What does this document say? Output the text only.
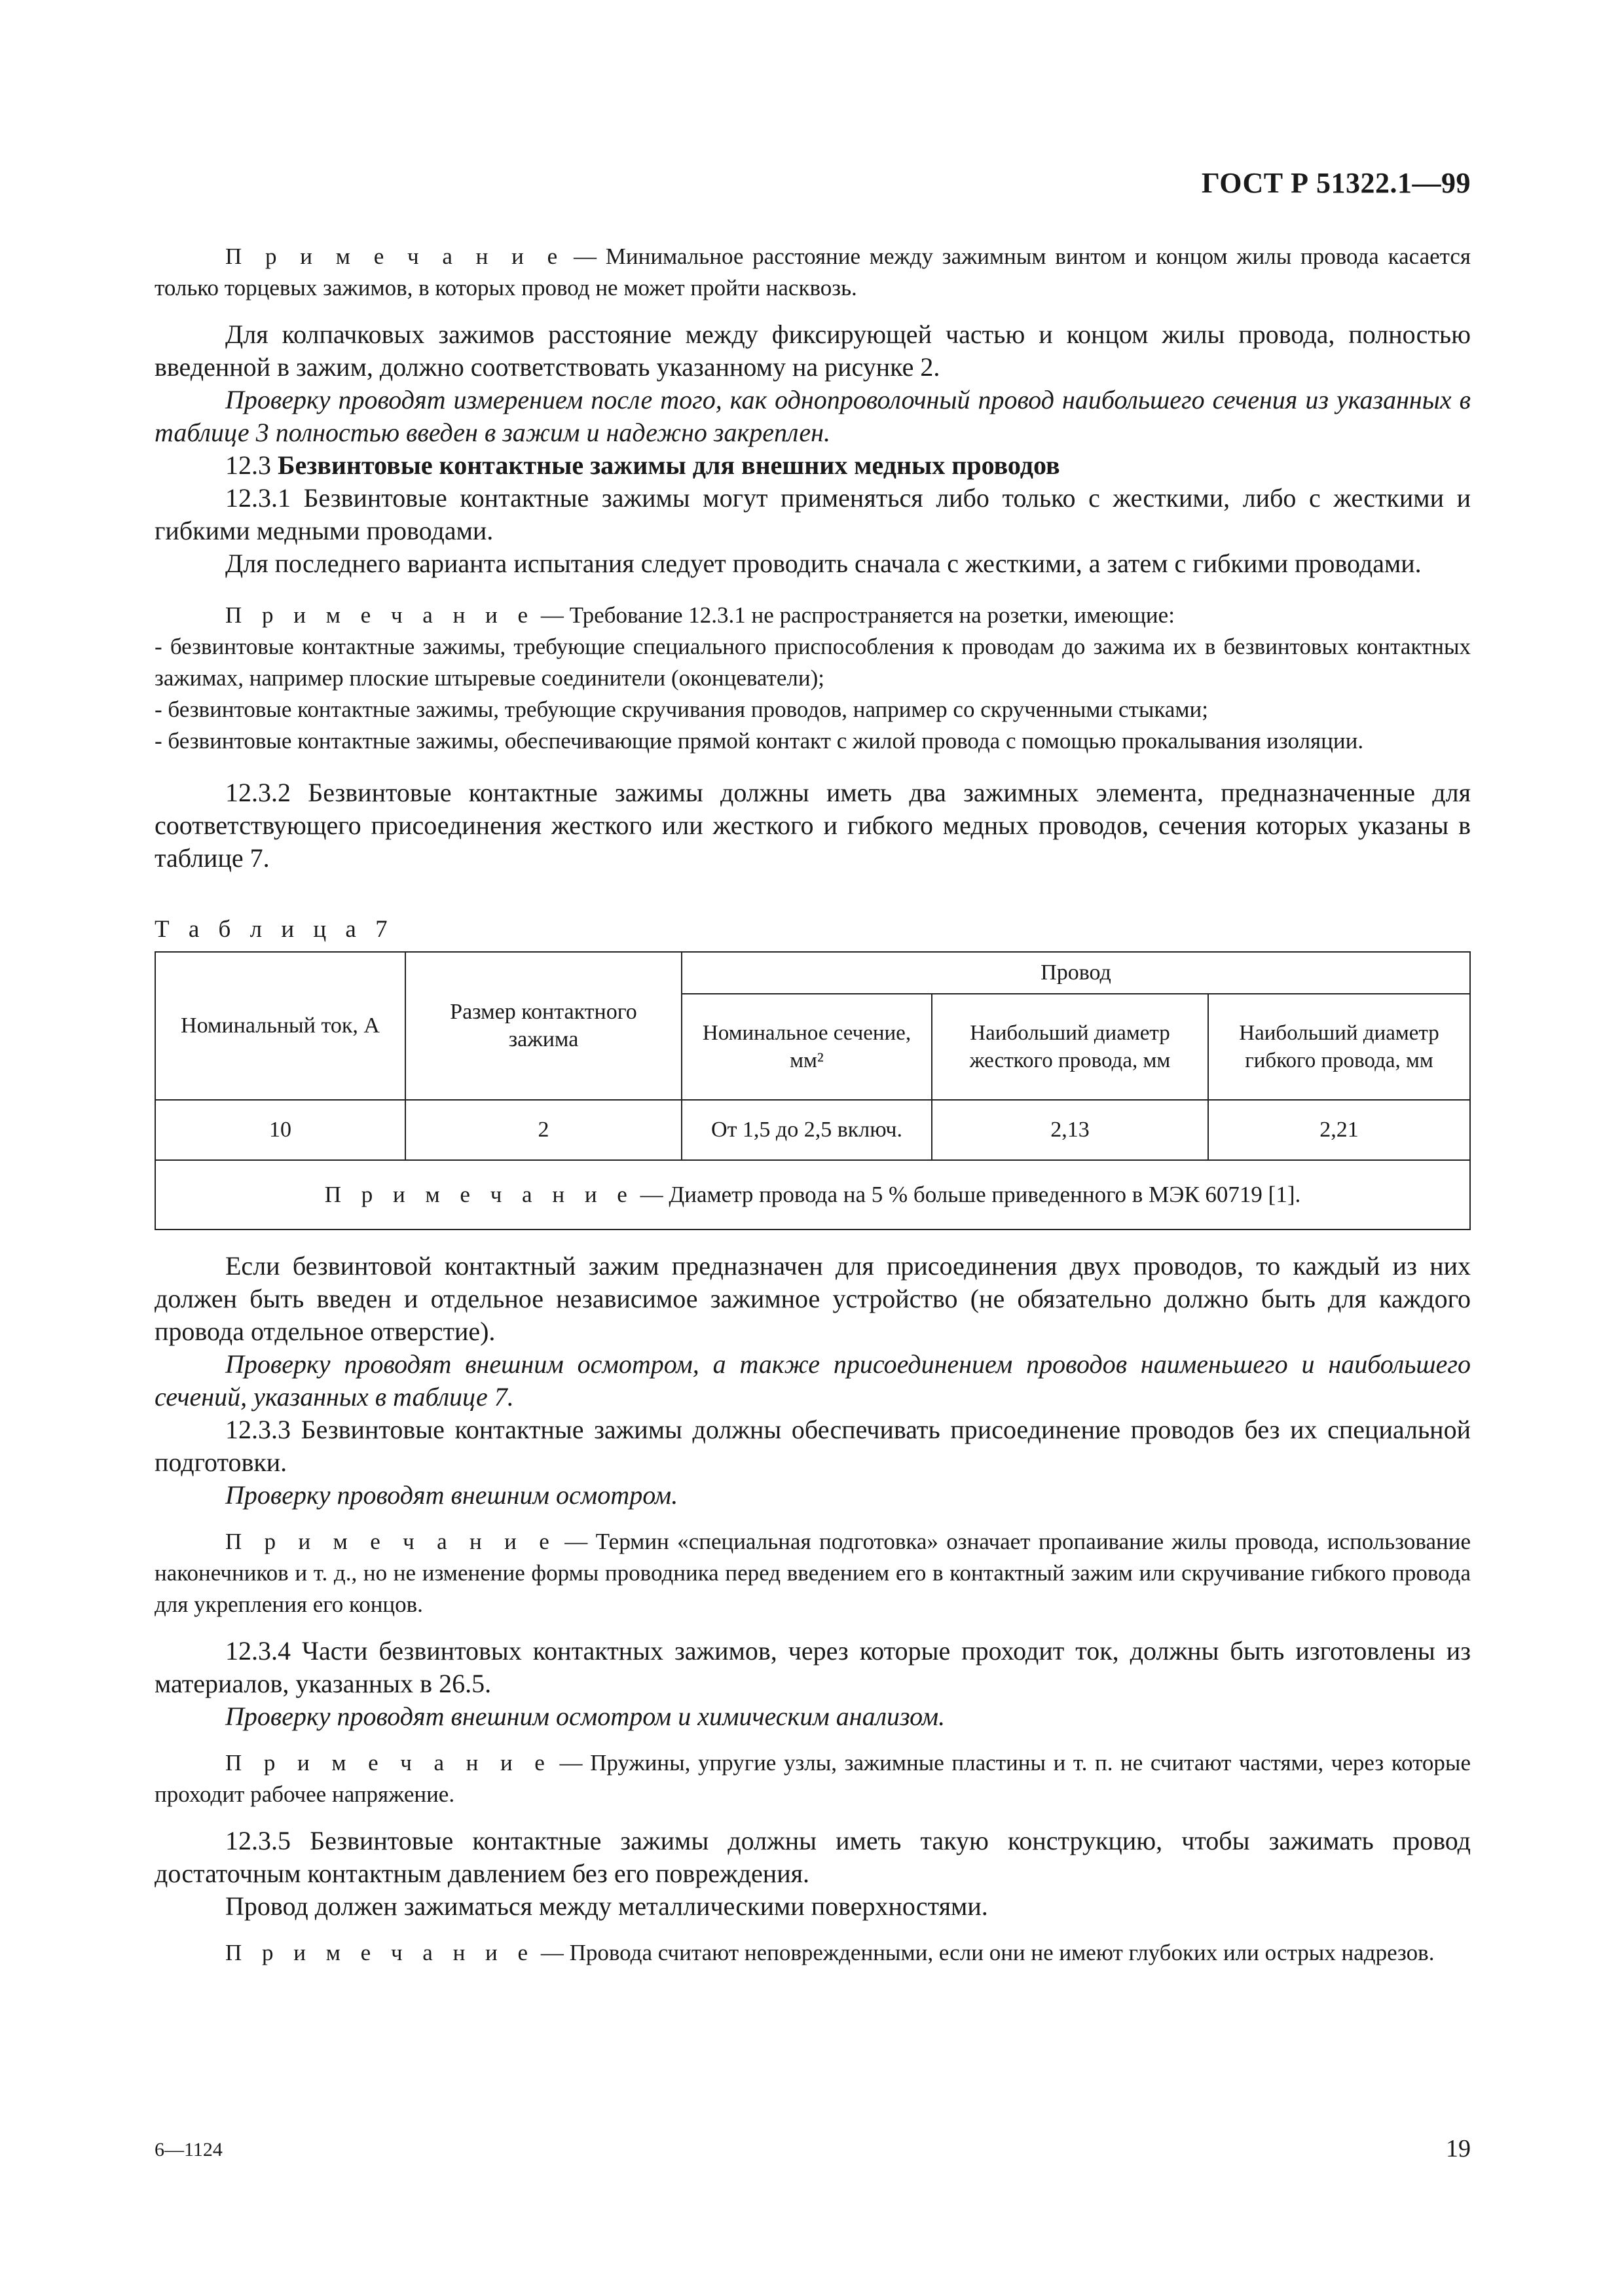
ГОСТ Р 51322.1—99

П р и м е ч а н и е — Минимальное расстояние между зажимным винтом и концом жилы провода касается только торцевых зажимов, в которых провод не может пройти насквозь.

Для колпачковых зажимов расстояние между фиксирующей частью и концом жилы провода, полностью введенной в зажим, должно соответствовать указанному на рисунке 2.

Проверку проводят измерением после того, как однопроволочный провод наибольшего сечения из указанных в таблице 3 полностью введен в зажим и надежно закреплен.

12.3 Безвинтовые контактные зажимы для внешних медных проводов

12.3.1 Безвинтовые контактные зажимы могут применяться либо только с жесткими, либо с жесткими и гибкими медными проводами.

Для последнего варианта испытания следует проводить сначала с жесткими, а затем с гибкими проводами.

П р и м е ч а н и е — Требование 12.3.1 не распространяется на розетки, имеющие:

- безвинтовые контактные зажимы, требующие специального приспособления к проводам до зажима их в безвинтовых контактных зажимах, например плоские штыревые соединители (оконцеватели);

- безвинтовые контактные зажимы, требующие скручивания проводов, например со скрученными стыками;

- безвинтовые контактные зажимы, обеспечивающие прямой контакт с жилой провода с помощью прокалывания изоляции.

12.3.2 Безвинтовые контактные зажимы должны иметь два зажимных элемента, предназначенные для соответствующего присоединения жесткого или жесткого и гибкого медных проводов, сечения которых указаны в таблице 7.

Т а б л и ц а 7

Номинальный ток, А	Размер контактного зажима	Провод		
		Номинальное сечение, мм²	Наибольший диаметр жесткого провода, мм	Наибольший диаметр гибкого провода, мм
10	2	От 1,5 до 2,5 включ.	2,13	2,21
П р и м е ч а н и е — Диаметр провода на 5 % больше приведенного в МЭК 60719 [1].				

Если безвинтовой контактный зажим предназначен для присоединения двух проводов, то каждый из них должен быть введен и отдельное независимое зажимное устройство (не обязательно должно быть для каждого провода отдельное отверстие).

Проверку проводят внешним осмотром, а также присоединением проводов наименьшего и наибольшего сечений, указанных в таблице 7.

12.3.3 Безвинтовые контактные зажимы должны обеспечивать присоединение проводов без их специальной подготовки.

Проверку проводят внешним осмотром.

П р и м е ч а н и е — Термин «специальная подготовка» означает пропаивание жилы провода, использование наконечников и т. д., но не изменение формы проводника перед введением его в контактный зажим или скручивание гибкого провода для укрепления его концов.

12.3.4 Части безвинтовых контактных зажимов, через которые проходит ток, должны быть изготовлены из материалов, указанных в 26.5.

Проверку проводят внешним осмотром и химическим анализом.

П р и м е ч а н и е — Пружины, упругие узлы, зажимные пластины и т. п. не считают частями, через которые проходит рабочее напряжение.

12.3.5 Безвинтовые контактные зажимы должны иметь такую конструкцию, чтобы зажимать провод достаточным контактным давлением без его повреждения.

Провод должен зажиматься между металлическими поверхностями.

П р и м е ч а н и е — Провода считают неповрежденными, если они не имеют глубоких или острых надрезов.

6—1124	19
